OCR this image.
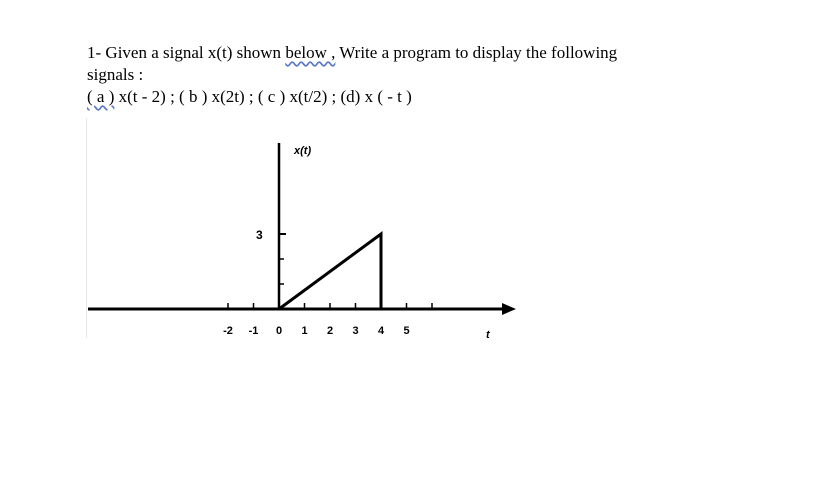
1- Given a signal x(t) shown below , Write a program to display the following
signals :
( a ) x(t - 2) ; ( b ) x(2t) ; ( c ) x(t/2) ; (d) x ( - t )
3
x(t)
t
-2 -1 0 1 2 3 4 5
